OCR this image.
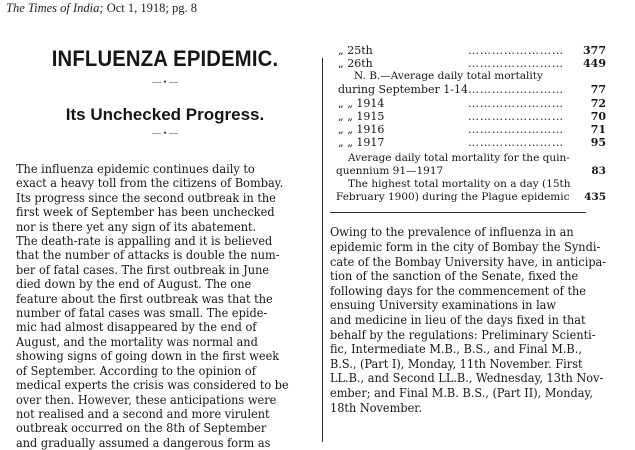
The Times of India; Oct 1, 1918; pg. 8
INFLUENZA EPIDEMIC.
— • —
Its Unchecked Progress.
— • —
The influenza epidemic continues daily to
exact a heavy toll from the citizens of Bombay.
Its progress since the second outbreak in the
first week of September has been unchecked
nor is there yet any sign of its abatement.
The death-rate is appalling and it is believed
that the number of attacks is double the num-
ber of fatal cases. The first outbreak in June
died down by the end of August. The one
feature about the first outbreak was that the
number of fatal cases was small. The epide-
mic had almost disappeared by the end of
August, and the mortality was normal and
showing signs of going down in the first week
of September. According to the opinion of
medical experts the crisis was considered to be
over then. However, these anticipations were
not realised and a second and more virulent
outbreak occurred on the 8th of September
and gradually assumed a dangerous form as
„ 25th	……………………	377
„ 26th	……………………	449
N. B.—Average daily total mortality
during September 1-14 ……………………	77
„ „ 1914	……………………	72
„ „ 1915	……………………	70
„ „ 1916	……………………	71
„ „ 1917	……………………	95
Average daily total mortality for the quin-
quennium 91—1917	83
The highest total mortality on a day (15th
February 1900) during the Plague epidemic	435
Owing to the prevalence of influenza in an
epidemic form in the city of Bombay the Syndi-
cate of the Bombay University have, in anticipa-
tion of the sanction of the Senate, fixed the
following days for the commencement of the
ensuing University examinations in law
and medicine in lieu of the days fixed in that
behalf by the regulations: Preliminary Scienti-
fic, Intermediate M.B., B.S., and Final M.B.,
B.S., (Part I), Monday, 11th November. First
LL.B., and Second LL.B., Wednesday, 13th Nov-
ember; and Final M.B. B.S., (Part II), Monday,
18th November.
